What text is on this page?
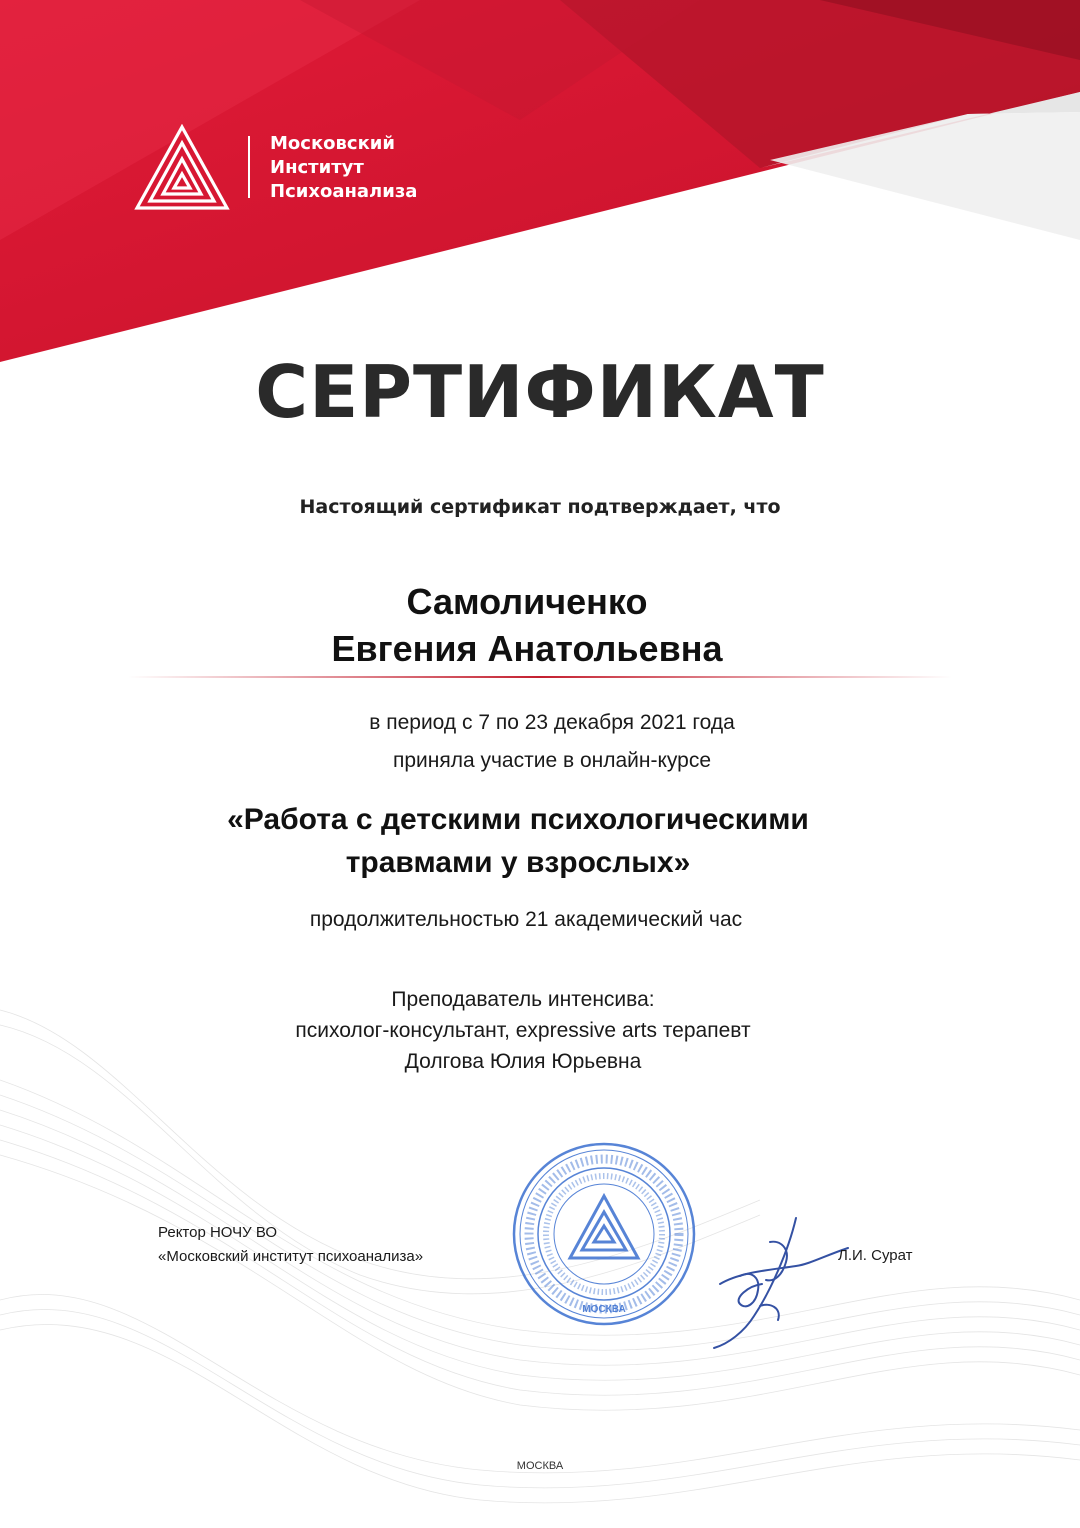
Московский
Институт
Психоанализа
СЕРТИФИКАТ
Настоящий сертификат подтверждает, что
Самоличенко
Евгения Анатольевна
в период с 7 по 23 декабря 2021 года
приняла участие в онлайн-курсе
«Работа с детскими психологическими
травмами у взрослых»
продолжительностью 21 академический час
Преподаватель интенсива:
психолог-консультант, expressive arts терапевт
Долгова Юлия Юрьевна
Ректор НОЧУ ВО
«Московский институт психоанализа»
МОСКВА
Л.И. Сурат
МОСКВА
